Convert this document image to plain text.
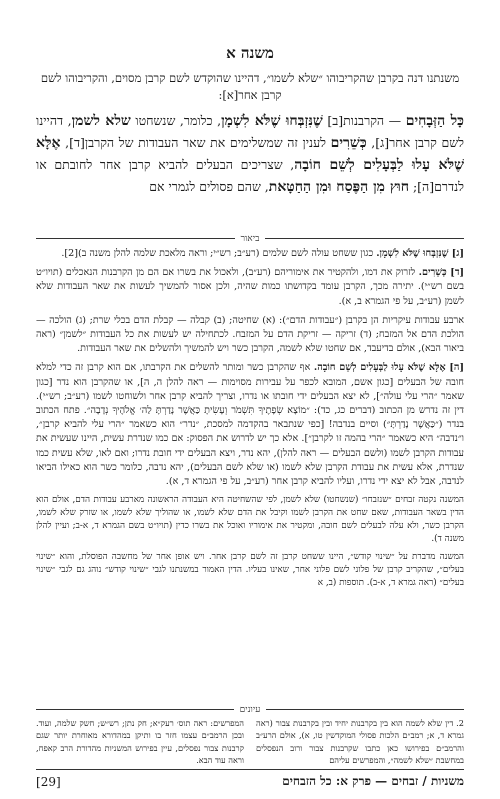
משנה א
משנתנו דנה בקרבן שהקריבוהו ״שלא לשמו״, דהיינו שהוקדש לשם קרבן מסוים, והקריבוהו לשם קרבן אחר[א]:
כָּל הַזְּבָחִים — הקרבנות[ב] שֶׁנִּזְבְּחוּ שֶׁלֹּא לִשְׁמָן, כלומר, שנשחטו שלא לשמן, דהיינו לשם קרבן אחר[ג], כְּשֵׁרִים לענין זה שמשלימים את שאר העבודות של הקרבן[ד], אֶלָּא שֶׁלֹּא עָלוּ לַבְּעָלִים לְשֵׁם חוֹבָה, שצריכים הבעלים להביא קרבן אחר לחובתם או לנדרם[ה]; חוּץ מִן הַפֶּסַח וּמִן הַחַטָּאת, שהם פסולים לגמרי אם
ביאור

[ג] שֶׁנִּזְבְּחוּ שֶׁלֹּא לִשְׁמָן. כגון ששחט עולה לשם שלמים (רע״ב; רש״י; וראה מלאכת שלמה להלן משנה ב)[2].

[ד] כְּשֵׁרִים. לזרוק את דמו, ולהקטיר את אימוריהם (רע״ב), ולאכול את בשרו אם הם מן הקרבנות הנאכלים (תויו״ט בשם רש״י). יתירה מכך, הקרבן עומד בקדושתו כמות שהיה, ולכן אסור להמשיך לעשות את שאר העבודות שלא לשמן (רע״ב, על פי הגמרא ב, א).

ארבע עבודות עיקריות הן בקרבן (״עבודות הדם״): (א) שחיטה; (ב) קבלה — קבלת הדם בכלי שרת; (ג) הולכה — הולכת הדם אל המזבח; (ד) זריקה — זריקת הדם על המזבח. לכתחילה יש לעשות את כל העבודות ״לשמן״ (ראה ביאור הבא), אולם בדיעבד, אם שחטו שלא לשמה, הקרבן כשר ויש להמשיך ולהשלים את שאר העבודות.

[ה] אֶלָּא שֶׁלֹּא עָלוּ לַבְּעָלִים לְשֵׁם חוֹבָה. אף שהקרבן כשר ומותר להשלים את הקרבתו, אם הוא קרבן זה כדי למלא חובה של הבעלים [כגון אשם, המובא לכפר על עבירות מסוימות — ראה להלן ה, ה], או שהקרבן הוא נדר [כגון שאמר ״הרי עלי עולה״], לא יצא הבעלים ידי חובתו או נדרו, וצריך להביא קרבן אחר ולשוחטו לשמו (רע״ב; רש״י). דין זה נדרש מן הכתוב (דברים כג, כד): ״מוֹצָא שְׂפָתֶיךָ תִּשְׁמֹר וְעָשִׂיתָ כַּאֲשֶׁר נָדַרְתָּ לַה׳ אֱלֹהֶיךָ נְדָבָה״. פתח הכתוב בנדר (״כַּאֲשֶׁר נָדַרְתָּ״) וסיים בנדבה! [כפי שנתבאר בהקדמה למסכת, ״נדר״ הוא כשאמר ״הרי עלי להביא קרבן״, ו״נדבה״ היא כשאמר ״הרי בהמה זו לקרבן״]. אלא כך יש לדרוש את הפסוק: אם כמו שנדרת עשית, היינו שעשית את עבודות הקרבן לשמו (ולשם הבעלים — ראה להלן), יהא נדר, ויצא הבעלים ידי חובת נדרו; ואם לאו, שלא עשית כמו שנדרת, אלא עשית את עבודת הקרבן שלא לשמו (או שלא לשם הבעלים), יהא נדבה, כלומר כשר הוא כאילו הביאו לנדבה, אבל לא יצא ידי נדרו, ועליו להביא קרבן אחר (רע״ב, על פי הגמרא ד, א).

המשנה נקטה זבחים ״שנזבחו״ (שנשחטו) שלא לשמן, לפי שהשחיטה היא העבודה הראשונה מארבע עבודות הדם, אולם הוא הדין בשאר העבודות, שאם שחט את הקרבן לשמו וקיבל את הדם שלא לשמו, או שהוליך שלא לשמו, או שזרק שלא לשמו, הקרבן כשר, ולא עלה לבעלים לשם חובה, ומקטיר את אימוריו ואוכל את בשרו כדין (תויו״ט בשם הגמרא ד, א-ב; ועיין להלן משנה ד).

המשנה מדברת על ״שינוי קודש״, היינו ששחט קרבן זה לשם קרבן אחר. ויש אופן אחר של מחשבה הפוסלת, והוא ״שינוי בעלים״, שהקריב קרבן של פלוני לשם פלוני אחר, שאינו בעליו. הדין האמור במשנתנו לגבי ״שינוי קודש״ נוהג גם לגבי ״שינוי בעלים״ (ראה גמרא ד, א-ב). תוספות (ב, א

עיונים
2. דין שלא לשמה הוא בין בקרבנות יחיד ובין בקרבנות צבור (ראה גמרא ד, א; רמב״ם הלכות פסולי המוקדשין טו, א), אולם הרע״ב והרמב״ם בפירושו כאן כתבו שקרבנות צבור ורוב הנפסלים במחשבת ״שלא לשמה״, והמפרשים עליהם
המפרשים: ראה תוס׳ רעק״א; חק נתן; רש״ש; חשק שלמה, ועוד. ובכן הרמב״ם עצמו חזר בו ותיקן במהדורא מאוחרת יותר שגם קרבנות צבור נפסלים, עיין בפירוש המשניות מהדורת הרב קאפח, וראה עוד הבא.
משניות / זבחים — פרק א: כל הזבחים
[29]
